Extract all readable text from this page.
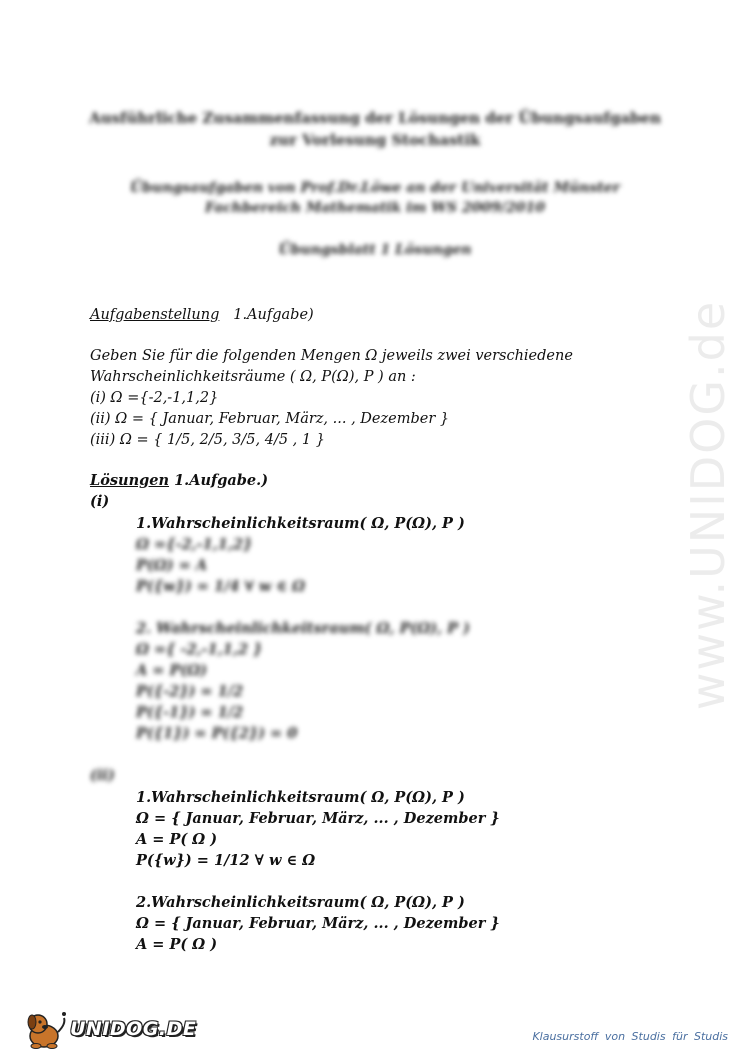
www.UNIDOG.de
Ausführliche Zusammenfassung der Lösungen der Übungsaufgaben
zur Vorlesung Stochastik
Übungsaufgaben von Prof.Dr.Löwe an der Universität Münster
Fachbereich Mathematik im WS 2009/2010
Übungsblatt 1 Lösungen
Aufgabenstellung 1.Aufgabe)
Geben Sie für die folgenden Mengen Ω jeweils zwei verschiedene
Wahrscheinlichkeitsräume ( Ω, P(Ω), P ) an :
(i) Ω ={-2,-1,1,2}
(ii) Ω = { Januar, Februar, März, ... , Dezember }
(iii) Ω = { 1/5, 2/5, 3/5, 4/5 , 1 }
Lösungen 1.Aufgabe.)
(i)
1.Wahrscheinlichkeitsraum( Ω, P(Ω), P )
Ω ={-2,-1,1,2}
P(Ω) = A
P({w}) = 1/4 ∀ w ∈ Ω
2. Wahrscheinlichkeitsraum( Ω, P(Ω), P )
Ω ={ -2,-1,1,2 }
A = P(Ω)
P({-2}) = 1/2
P({-1}) = 1/2
P({1}) = P({2}) = 0
(ii)
1.Wahrscheinlichkeitsraum( Ω, P(Ω), P )
Ω = { Januar, Februar, März, ... , Dezember }
A = P( Ω )
P({w}) = 1/12 ∀ w ∈ Ω
2.Wahrscheinlichkeitsraum( Ω, P(Ω), P )
Ω = { Januar, Februar, März, ... , Dezember }
A = P( Ω )
UNIDOG.DE	Klausurstoff von Studis für Studis
